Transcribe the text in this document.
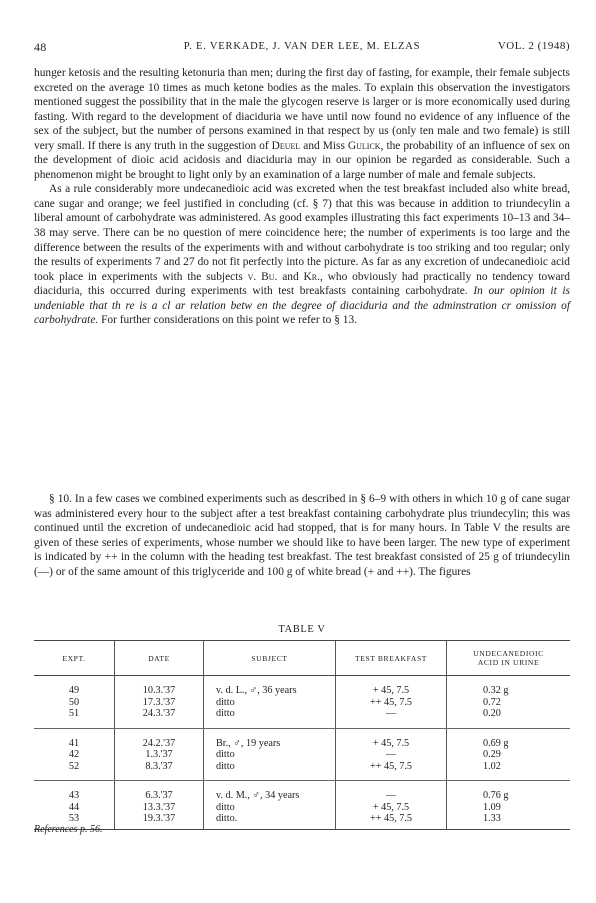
48	P. E. VERKADE, J. VAN DER LEE, M. ELZAS	VOL. 2 (1948)

hunger ketosis and the resulting ketonuria than men; during the first day of fasting, for example, their female subjects excreted on the average 10 times as much ketone bodies as the males. To explain this observation the investigators mentioned suggest the possibility that in the male the glycogen reserve is larger or is more economically used during fasting. With regard to the development of diaciduria we have until now found no evidence of any influence of the sex of the subject, but the number of persons examined in that respect by us (only ten male and two female) is still very small. If there is any truth in the suggestion of Deuel and Miss Gulick, the probability of an influence of sex on the development of dioic acid acidosis and diaciduria may in our opinion be regarded as considerable. Such a phenomenon might be brought to light only by an examination of a large number of male and female subjects.

As a rule considerably more undecanedioic acid was excreted when the test breakfast included also white bread, cane sugar and orange; we feel justified in concluding (cf. § 7) that this was because in addition to triundecylin a liberal amount of carbohydrate was administered. As good examples illustrating this fact experiments 10–13 and 34–38 may serve. There can be no question of mere coincidence here; the number of experiments is too large and the difference between the results of the experiments with and without carbohydrate is too striking and too regular; only the results of experiments 7 and 27 do not fit perfectly into the picture. As far as any excretion of undecanedioic acid took place in experiments with the subjects v. Bu. and Kr., who obviously had practically no tendency toward diaciduria, this occurred during experiments with test breakfasts containing carbohydrate. In our opinion it is undeniable that th re is a cl ar relation betw en the degree of diaciduria and the adminstration cr omission of carbohydrate. For further considerations on this point we refer to § 13.

§ 10. In a few cases we combined experiments such as described in § 6–9 with others in which 10 g of cane sugar was administered every hour to the subject after a test breakfast containing carbohydrate plus triundecylin; this was continued until the excretion of undecanedioic acid had stopped, that is for many hours. In Table V the results are given of these series of experiments, whose number we should like to have been larger. The new type of experiment is indicated by ++ in the column with the heading test breakfast. The test breakfast consisted of 25 g of triundecylin (—) or of the same amount of this triglyceride and 100 g of white bread (+ and ++). The figures

TABLE V
EXPT.	DATE	SUBJECT	TEST BREAKFAST	UNDECANEDIOIC
ACID IN URINE

49	10.3.'37	v. d. L., ♂, 36 years	+ 45, 7.5	0.32 g
50	17.3.'37	ditto	++ 45, 7.5	0.72
51	24.3.'37	ditto	—	0.20

41	24.2.'37	Br., ♂, 19 years	+ 45, 7.5	0.69 g
42	1.3.'37	ditto	—	0.29
52	8.3.'37	ditto	++ 45, 7.5	1.02

43	6.3.'37	v. d. M., ♂, 34 years	—	0.76 g
44	13.3.'37	ditto	+ 45, 7.5	1.09
53	19.3.'37	ditto.	++ 45, 7.5	1.33

References p. 56.
